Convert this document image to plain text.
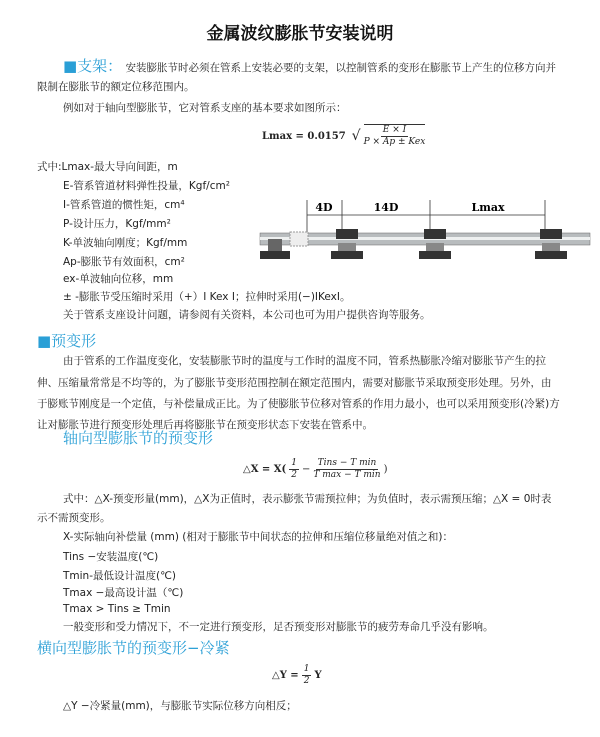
金属波纹膨胀节安装说明
■支架： 安装膨胀节时必须在管系上安装必要的支架，以控制管系的变形在膨胀节上产生的位移方向并
限制在膨胀节的额定位移范围内。
例如对于轴向型膨胀节，它对管系支座的基本要求如图所示：
Lmax = 0.0157 √ $\frac{E \times I}{\text{P × Ap ± Kex}}$
式中:Lmax-最大导向间距，m
E-管系管道材料弹性投量，Kgf/cm²
I-管系管道的惯性矩，cm⁴
P-设计压力，Kgf/mm²
K-单波轴向刚度；Kgf/mm
Ap-膨胀节有效面积，cm²
ex-单波轴向位移，mm
± -膨胀节受压缩时采用（+）I Kex I；拉伸时采用(−)IKexI。
关于管系支座设计问题，请参阅有关资料，本公司也可为用户提供咨询等服务。
4D	14D	Lmax
■预变形
由于管系的工作温度变化，安装膨胀节时的温度与工作时的温度不同，管系热膨胀冷缩对膨胀节产生的拉
伸、压缩量常常是不均等的，为了膨胀节变形范围控制在额定范围内，需要对膨胀节采取预变形处理。另外，由
于膨账节刚度是一个定值，与补偿量成正比。为了使膨胀节位移对管系的作用力最小，也可以采用预变形(冷紧)方
让对膨胀节进行预变形处理后再将膨胀节在预变形状态下安装在管系中。
轴向型膨胀节的预变形
△X = $X( \frac{1}{2} - \frac{\text{Tins − T min}}{\text{T max − T min}}$ )
式中：△X-预变形量(mm)，△X为正值时，表示膨张节需预拉伸；为负值时，表示需预压缩；△X = 0时表
示不需预变形。
X-实际轴向补偿量 (mm) (相对于膨胀节中间状态的拉伸和压缩位移量绝对值之和)：
Tins −安装温度(℃)
Tmin-最低设计温度(℃)
Tmax −最高设计温（℃)
Tmax > Tins ≥ Tmin
一般变形和受力情况下，不一定进行预变形，足否预变形对膨胀节的疲劳寿命几乎没有影响。
横向型膨胀节的预变形−冷紧
△Y = $\frac{1}{2}$ Y
△Y −冷紧量(mm)，与膨胀节实际位移方向相反；
